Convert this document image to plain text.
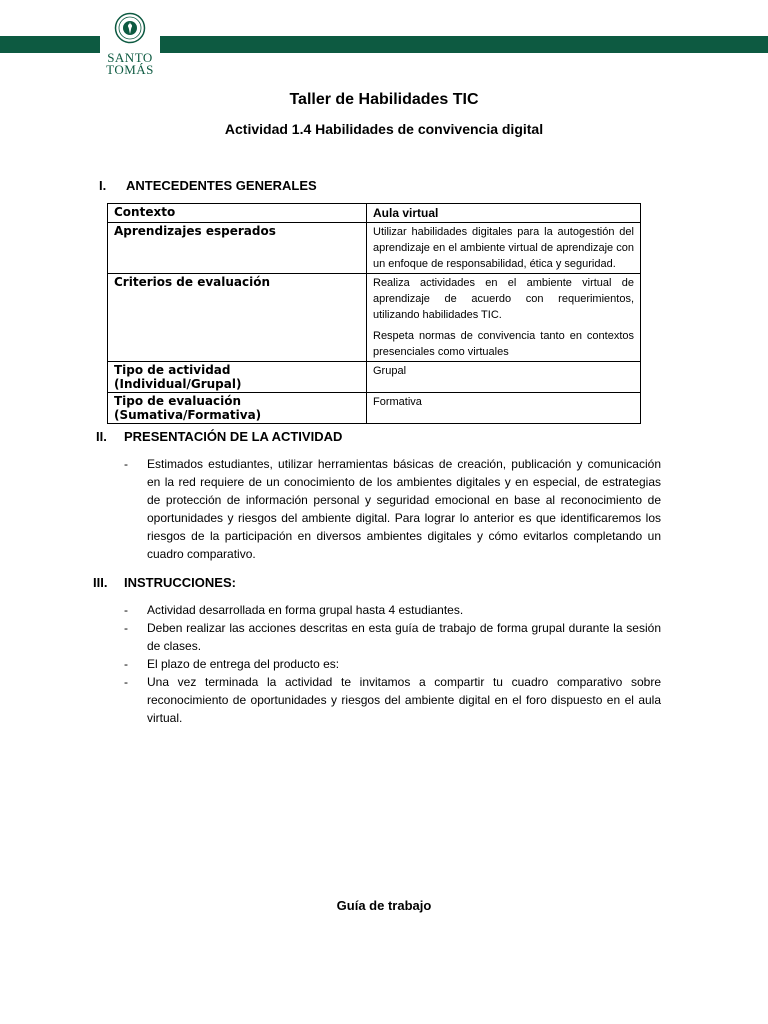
SANTO
TOMÁS
Taller de Habilidades TIC
Actividad 1.4 Habilidades de convivencia digital
I. ANTECEDENTES GENERALES
Contexto	Aula virtual
Aprendizajes esperados	Utilizar habilidades digitales para la autogestión del aprendizaje en el ambiente virtual de aprendizaje con un enfoque de responsabilidad, ética y seguridad.
Criterios de evaluación	Realiza actividades en el ambiente virtual de aprendizaje de acuerdo con requerimientos, utilizando habilidades TIC.

Respeta normas de convivencia tanto en contextos presenciales como virtuales

Tipo de actividad (Individual/Grupal)	Grupal
Tipo de evaluación (Sumativa/Formativa)	Formativa
II. PRESENTACIÓN DE LA ACTIVIDAD
- Estimados estudiantes, utilizar herramientas básicas de creación, publicación y comunicación en la red requiere de un conocimiento de los ambientes digitales y en especial, de estrategias de protección de información personal y seguridad emocional en base al reconocimiento de oportunidades y riesgos del ambiente digital. Para lograr lo anterior es que identificaremos los riesgos de la participación en diversos ambientes digitales y cómo evitarlos completando un cuadro comparativo.
III. INSTRUCCIONES:
- Actividad desarrollada en forma grupal hasta 4 estudiantes.
- Deben realizar las acciones descritas en esta guía de trabajo de forma grupal durante la sesión de clases.
- El plazo de entrega del producto es:
- Una vez terminada la actividad te invitamos a compartir tu cuadro comparativo sobre reconocimiento de oportunidades y riesgos del ambiente digital en el foro dispuesto en el aula virtual.
Guía de trabajo
